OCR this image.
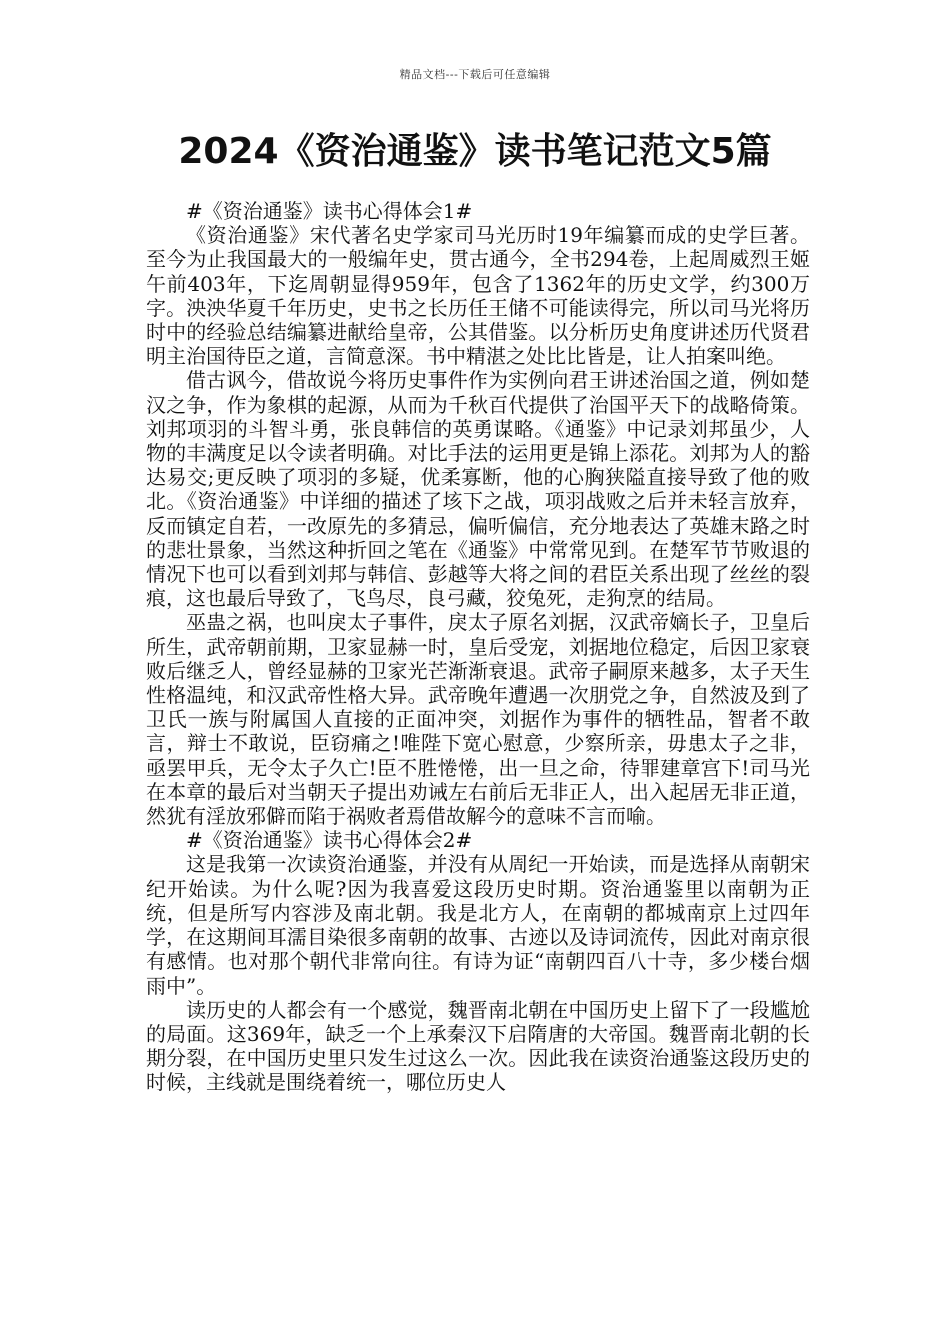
精品文档---下载后可任意编辑
2024《资治通鉴》读书笔记范文5篇

#《资治通鉴》读书心得体会1#

《资治通鉴》宋代著名史学家司马光历时19年编纂而成的史学巨著。至今为止我国最大的一般编年史，贯古通今，全书294卷，上起周威烈王姬午前403年，下迄周朝显得959年，包含了1362年的历史文学，约300万字。泱泱华夏千年历史，史书之长历任王储不可能读得完，所以司马光将历时中的经验总结编纂进献给皇帝，公其借鉴。以分析历史角度讲述历代贤君明主治国待臣之道，言简意深。书中精湛之处比比皆是，让人拍案叫绝。

借古讽今，借故说今将历史事件作为实例向君王讲述治国之道，例如楚汉之争，作为象棋的起源，从而为千秋百代提供了治国平天下的战略倚策。刘邦项羽的斗智斗勇，张良韩信的英勇谋略。《通鉴》中记录刘邦虽少，人物的丰满度足以令读者明确。对比手法的运用更是锦上添花。刘邦为人的豁达易交;更反映了项羽的多疑，优柔寡断，他的心胸狭隘直接导致了他的败北。《资治通鉴》中详细的描述了垓下之战，项羽战败之后并未轻言放弃，反而镇定自若，一改原先的多猜忌，偏听偏信，充分地表达了英雄末路之时的悲壮景象，当然这种折回之笔在《通鉴》中常常见到。在楚军节节败退的情况下也可以看到刘邦与韩信、彭越等大将之间的君臣关系出现了丝丝的裂痕，这也最后导致了，飞鸟尽，良弓藏，狡兔死，走狗烹的结局。

巫蛊之祸，也叫戾太子事件，戾太子原名刘据，汉武帝嫡长子，卫皇后所生，武帝朝前期，卫家显赫一时，皇后受宠，刘据地位稳定，后因卫家衰败后继乏人，曾经显赫的卫家光芒渐渐衰退。武帝子嗣原来越多，太子天生性格温纯，和汉武帝性格大异。武帝晚年遭遇一次朋党之争，自然波及到了卫氏一族与附属国人直接的正面冲突，刘据作为事件的牺牲品，智者不敢言，辩士不敢说，臣窃痛之!唯陛下宽心慰意，少察所亲，毋患太子之非，亟罢甲兵，无令太子久亡!臣不胜惓惓，出一旦之命，待罪建章宫下!司马光在本章的最后对当朝天子提出劝诫左右前后无非正人，出入起居无非正道，然犹有淫放邪僻而陷于祸败者焉借故解今的意味不言而喻。

#《资治通鉴》读书心得体会2#

这是我第一次读资治通鉴，并没有从周纪一开始读，而是选择从南朝宋纪开始读。为什么呢?因为我喜爱这段历史时期。资治通鉴里以南朝为正统，但是所写内容涉及南北朝。我是北方人，在南朝的都城南京上过四年学，在这期间耳濡目染很多南朝的故事、古迹以及诗词流传，因此对南京很有感情。也对那个朝代非常向往。有诗为证“南朝四百八十寺，多少楼台烟雨中”。

读历史的人都会有一个感觉，魏晋南北朝在中国历史上留下了一段尴尬的局面。这369年，缺乏一个上承秦汉下启隋唐的大帝国。魏晋南北朝的长期分裂，在中国历史里只发生过这么一次。因此我在读资治通鉴这段历史的时候，主线就是围绕着统一，哪位历史人
